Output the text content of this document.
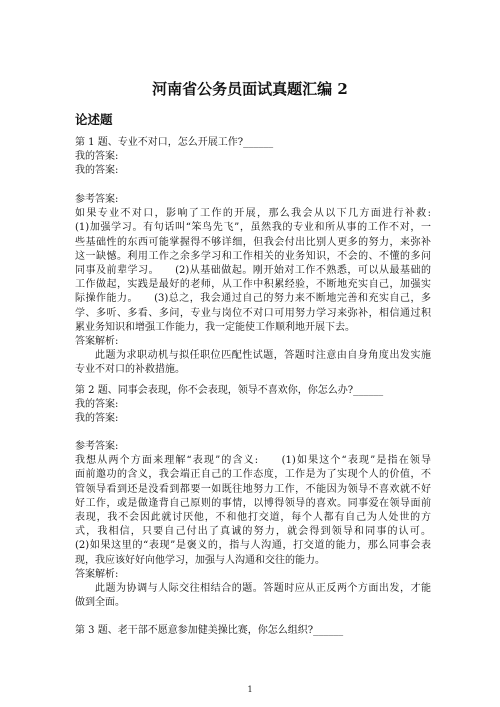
河南省公务员面试真题汇编 2
论述题
第 1 题、专业不对口，怎么开展工作?______
我的答案:
我的答案:
参考答案:
如果专业不对口，影响了工作的开展，那么我会从以下几方面进行补救:
(1)加强学习。有句话叫“笨鸟先飞”，虽然我的专业和所从事的工作不对，一
些基础性的东西可能掌握得不够详细，但我会付出比别人更多的努力，来弥补
这一缺憾。利用工作之余多学习和工作相关的业务知识，不会的、不懂的多问
同事及前辈学习。　　(2)从基础做起。刚开始对工作不熟悉，可以从最基础的
工作做起，实践是最好的老师，从工作中积累经验，不断地充实自己，加强实
际操作能力。　　(3)总之，我会通过自己的努力来不断地完善和充实自己，多
学、多听、多看、多问，专业与岗位不对口可用努力学习来弥补，相信通过积
累业务知识和增强工作能力，我一定能使工作顺利地开展下去。
答案解析:
此题为求职动机与拟任职位匹配性试题，答题时注意由自身角度出发实施
专业不对口的补救措施。
第 2 题、同事会表现，你不会表现，领导不喜欢你，你怎么办?______
我的答案:
我的答案:
参考答案:
我想从两个方面来理解“表现”的含义:　　(1)如果这个“表现”是指在领导
面前邀功的含义，我会端正自己的工作态度，工作是为了实现个人的价值，不
管领导看到还是没看到都要一如既往地努力工作，不能因为领导不喜欢就不好
好工作，或是做逢背自己原则的事情，以博得领导的喜欢。同事爱在领导面前
表现，我不会因此就讨厌他，不和他打交道，每个人都有自己为人处世的方
式，我相信，只要自己付出了真诚的努力，就会得到领导和同事的认可。
(2)如果这里的“表现”是褒义的，指与人沟通，打交道的能力，那么同事会表
现，我应该好好向他学习，加强与人沟通和交往的能力。
答案解析:
此题为协调与人际交往相结合的题。答题时应从正反两个方面出发，才能
做到全面。
第 3 题、老干部不愿意参加健美操比赛，你怎么组织?______
1
